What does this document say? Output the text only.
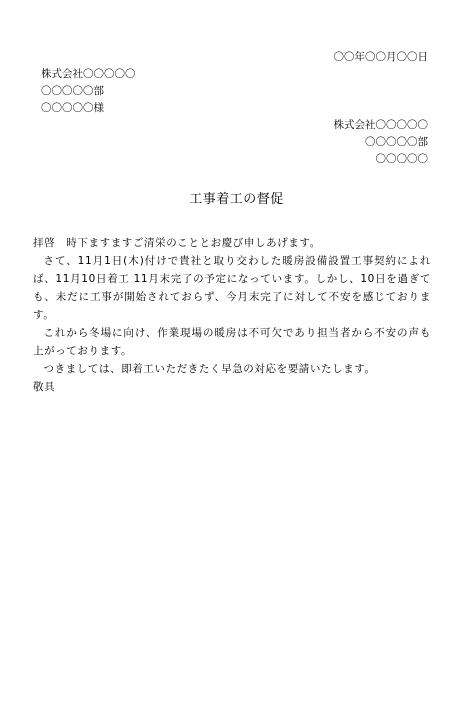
〇〇年〇〇月〇〇日
株式会社〇〇〇〇〇
〇〇〇〇〇部
〇〇〇〇〇様
株式会社〇〇〇〇〇
〇〇〇〇〇部
〇〇〇〇〇
工事着工の督促

拝啓　時下ますますご清栄のこととお慶び申しあげます。

さて、11月1日(木)付けで貴社と取り交わした暖房設備設置工事契約によれば、11月10日着工 11月末完了の予定になっています。しかし、10日を過ぎても、未だに工事が開始されておらず、今月末完了に対して不安を感じております。

これから冬場に向け、作業現場の暖房は不可欠であり担当者から不安の声も上がっております。

つきましては、即着工いただきたく早急の対応を要請いたします。

敬具
